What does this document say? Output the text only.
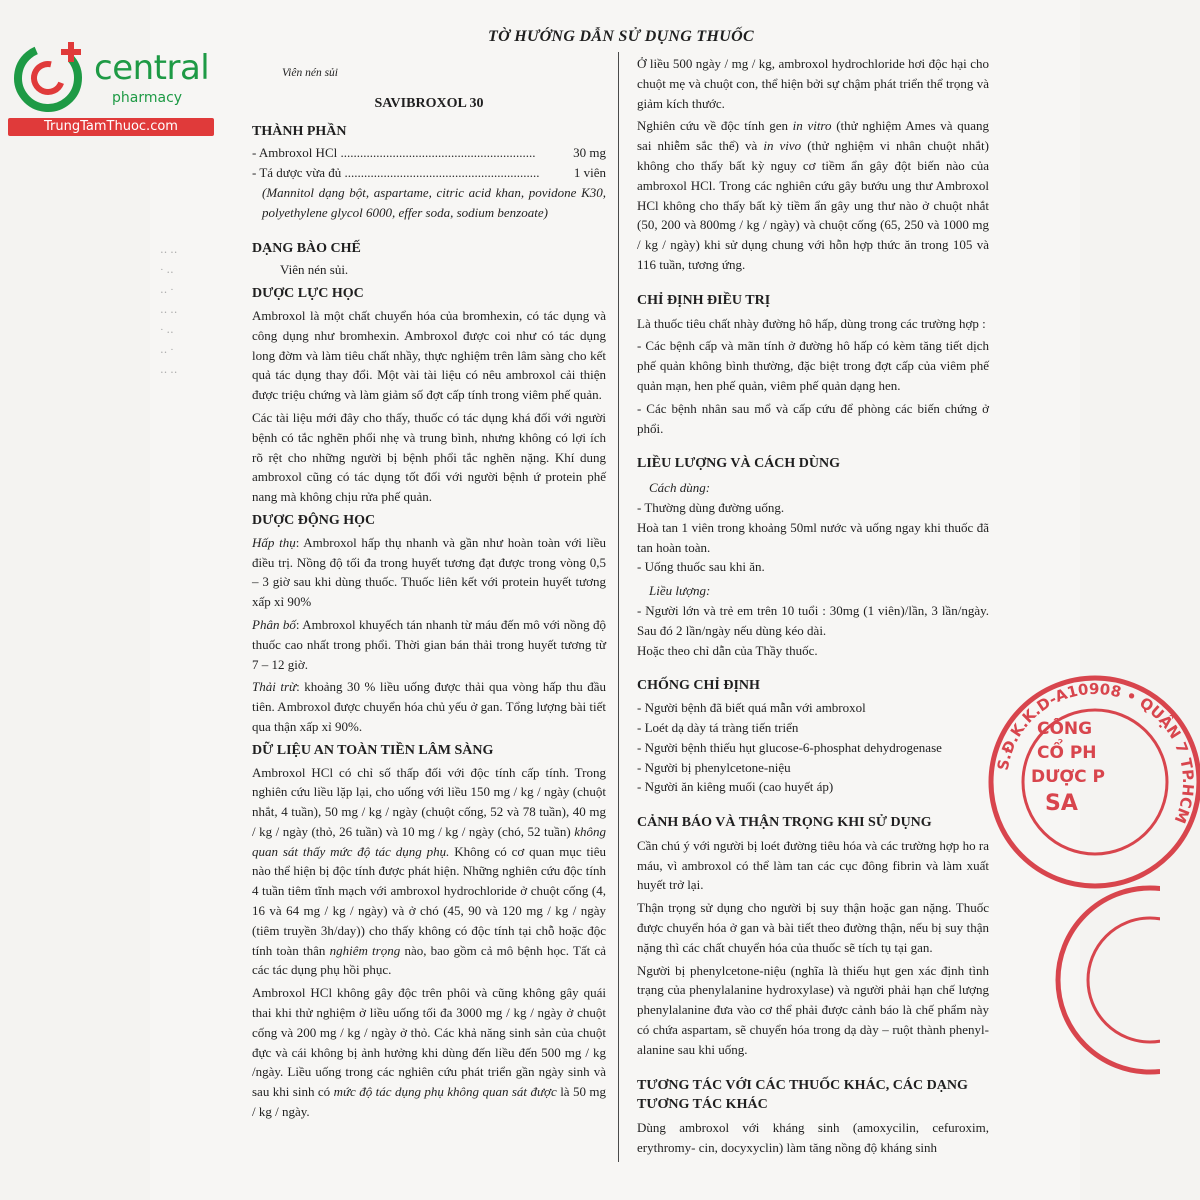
central
pharmacy
TrungTamThuoc.com
‥ ‥
· ‥
‥ ·
‥ ‥
· ‥
‥ ·
‥ ‥
TỜ HƯỚNG DẪN SỬ DỤNG THUỐC
Viên nén sủi
SAVIBROXOL 30
THÀNH PHẦN
- Ambroxol HCl ............................................................	30 mg
- Tá dược vừa đủ ............................................................	1 viên

(Mannitol dạng bột, aspartame, citric acid khan, povidone K30, polyethylene glycol 6000, effer soda, sodium benzoate)

DẠNG BÀO CHẾ

Viên nén sủi.

DƯỢC LỰC HỌC

Ambroxol là một chất chuyển hóa của bromhexin, có tác dụng và công dụng như bromhexin. Ambroxol được coi như có tác dụng long đờm và làm tiêu chất nhầy, thực nghiệm trên lâm sàng cho kết quả tác dụng thay đổi. Một vài tài liệu có nêu ambroxol cải thiện được triệu chứng và làm giảm số đợt cấp tính trong viêm phế quản.

Các tài liệu mới đây cho thấy, thuốc có tác dụng khá đối với người bệnh có tắc nghẽn phổi nhẹ và trung bình, nhưng không có lợi ích rõ rệt cho những người bị bệnh phổi tắc nghẽn nặng. Khí dung ambroxol cũng có tác dụng tốt đối với người bệnh ứ protein phế nang mà không chịu rửa phế quản.

DƯỢC ĐỘNG HỌC

Hấp thụ: Ambroxol hấp thụ nhanh và gần như hoàn toàn với liều điều trị. Nồng độ tối đa trong huyết tương đạt được trong vòng 0,5 – 3 giờ sau khi dùng thuốc. Thuốc liên kết với protein huyết tương xấp xỉ 90%

Phân bố: Ambroxol khuyếch tán nhanh từ máu đến mô với nồng độ thuốc cao nhất trong phổi. Thời gian bán thải trong huyết tương từ 7 – 12 giờ.

Thải trừ: khoảng 30 % liều uống được thải qua vòng hấp thu đầu tiên. Ambroxol được chuyển hóa chủ yếu ở gan. Tổng lượng bài tiết qua thận xấp xỉ 90%.

DỮ LIỆU AN TOÀN TIỀN LÂM SÀNG

Ambroxol HCl có chỉ số thấp đối với độc tính cấp tính. Trong nghiên cứu liều lặp lại, cho uống với liều 150 mg / kg / ngày (chuột nhắt, 4 tuần), 50 mg / kg / ngày (chuột cống, 52 và 78 tuần), 40 mg / kg / ngày (thỏ, 26 tuần) và 10 mg / kg / ngày (chó, 52 tuần) không quan sát thấy mức độ tác dụng phụ. Không có cơ quan mục tiêu nào thể hiện bị độc tính được phát hiện. Những nghiên cứu độc tính 4 tuần tiêm tĩnh mạch với ambroxol hydrochloride ở chuột cống (4, 16 và 64 mg / kg / ngày) và ở chó (45, 90 và 120 mg / kg / ngày (tiêm truyền 3h/day)) cho thấy không có độc tính tại chỗ hoặc độc tính toàn thân nghiêm trọng nào, bao gồm cả mô bệnh học. Tất cả các tác dụng phụ hồi phục.

Ambroxol HCl không gây độc trên phôi và cũng không gây quái thai khi thử nghiệm ở liều uống tối đa 3000 mg / kg / ngày ở chuột cống và 200 mg / kg / ngày ở thỏ. Các khả năng sinh sản của chuột đực và cái không bị ảnh hưởng khi dùng đến liều đến 500 mg / kg /ngày. Liều uống trong các nghiên cứu phát triển gần ngày sinh và sau khi sinh có mức độ tác dụng phụ không quan sát được là 50 mg / kg / ngày.

Ở liều 500 ngày / mg / kg, ambroxol hydrochloride hơi độc hại cho chuột mẹ và chuột con, thể hiện bởi sự chậm phát triển thể trọng và giảm kích thước.

Nghiên cứu về độc tính gen in vitro (thử nghiệm Ames và quang sai nhiễm sắc thể) và in vivo (thử nghiệm vi nhân chuột nhắt) không cho thấy bất kỳ nguy cơ tiềm ẩn gây đột biến nào của ambroxol HCl. Trong các nghiên cứu gây bướu ung thư Ambroxol HCl không cho thấy bất kỳ tiềm ẩn gây ung thư nào ở chuột nhắt (50, 200 và 800mg / kg / ngày) và chuột cống (65, 250 và 1000 mg / kg / ngày) khi sử dụng chung với hỗn hợp thức ăn trong 105 và 116 tuần, tương ứng.

CHỈ ĐỊNH ĐIỀU TRỊ

Là thuốc tiêu chất nhày đường hô hấp, dùng trong các trường hợp :

- Các bệnh cấp và mãn tính ở đường hô hấp có kèm tăng tiết dịch phế quản không bình thường, đặc biệt trong đợt cấp của viêm phế quản mạn, hen phế quản, viêm phế quản dạng hen.

- Các bệnh nhân sau mổ và cấp cứu để phòng các biến chứng ở phổi.

LIỀU LƯỢNG VÀ CÁCH DÙNG

Cách dùng:

- Thường dùng đường uống.

Hoà tan 1 viên trong khoảng 50ml nước và uống ngay khi thuốc đã tan hoàn toàn.

- Uống thuốc sau khi ăn.

Liều lượng:

- Người lớn và trẻ em trên 10 tuổi : 30mg (1 viên)/lần, 3 lần/ngày. Sau đó 2 lần/ngày nếu dùng kéo dài.

Hoặc theo chỉ dẫn của Thầy thuốc.

CHỐNG CHỈ ĐỊNH

- Người bệnh đã biết quá mẫn với ambroxol

- Loét dạ dày tá tràng tiến triển

- Người bệnh thiếu hụt glucose-6-phosphat dehydrogenase

- Người bị phenylcetone-niệu

- Người ăn kiêng muối (cao huyết áp)

CẢNH BÁO VÀ THẬN TRỌNG KHI SỬ DỤNG

Cần chú ý với người bị loét đường tiêu hóa và các trường hợp ho ra máu, vì ambroxol có thể làm tan các cục đông fibrin và làm xuất huyết trở lại.

Thận trọng sử dụng cho người bị suy thận hoặc gan nặng. Thuốc được chuyển hóa ở gan và bài tiết theo đường thận, nếu bị suy thận nặng thì các chất chuyển hóa của thuốc sẽ tích tụ tại gan.

Người bị phenylcetone-niệu (nghĩa là thiếu hụt gen xác định tình trạng của phenylalanine hydroxylase) và người phải hạn chế lượng phenylalanine đưa vào cơ thể phải được cảnh báo là chế phẩm này có chứa aspartam, sẽ chuyển hóa trong dạ dày – ruột thành phenyl- alanine sau khi uống.

TƯƠNG TÁC VỚI CÁC THUỐC KHÁC, CÁC DẠNG TƯƠNG TÁC KHÁC

Dùng ambroxol với kháng sinh (amoxycilin, cefuroxim, erythromy- cin, docyxyclin) làm tăng nồng độ kháng sinh

S.Đ.K.K.D-A10908 • QUẬN 7 TP.HCM
CÔNG
CỔ PH
DƯỢC P
SA
